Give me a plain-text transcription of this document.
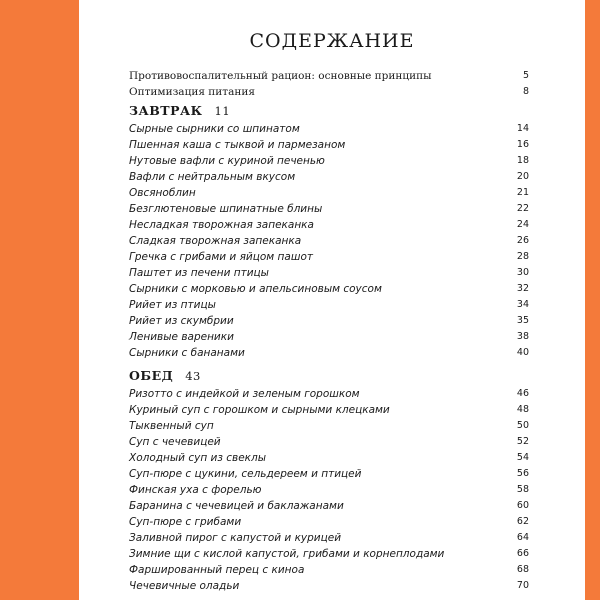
СОДЕРЖАНИЕ
Противовоспалительный рацион: основные принципы	5
Оптимизация питания	8
ЗАВТРАК 11
Сырные сырники со шпинатом	14
Пшенная каша с тыквой и пармезаном	16
Нутовые вафли с куриной печенью	18
Вафли с нейтральным вкусом	20
Овсяноблин	21
Безглютеновые шпинатные блины	22
Несладкая творожная запеканка	24
Сладкая творожная запеканка	26
Гречка с грибами и яйцом пашот	28
Паштет из печени птицы	30
Сырники с морковью и апельсиновым соусом	32
Рийет из птицы	34
Рийет из скумбрии	35
Ленивые вареники	38
Сырники с бананами	40
ОБЕД 43
Ризотто с индейкой и зеленым горошком	46
Куриный суп с горошком и сырными клецками	48
Тыквенный суп	50
Суп с чечевицей	52
Холодный суп из свеклы	54
Суп-пюре с цукини, сельдереем и птицей	56
Финская уха с форелью	58
Баранина с чечевицей и баклажанами	60
Суп-пюре с грибами	62
Заливной пирог с капустой и курицей	64
Зимние щи с кислой капустой, грибами и корнеплодами	66
Фаршированный перец с киноа	68
Чечевичные оладьи	70
